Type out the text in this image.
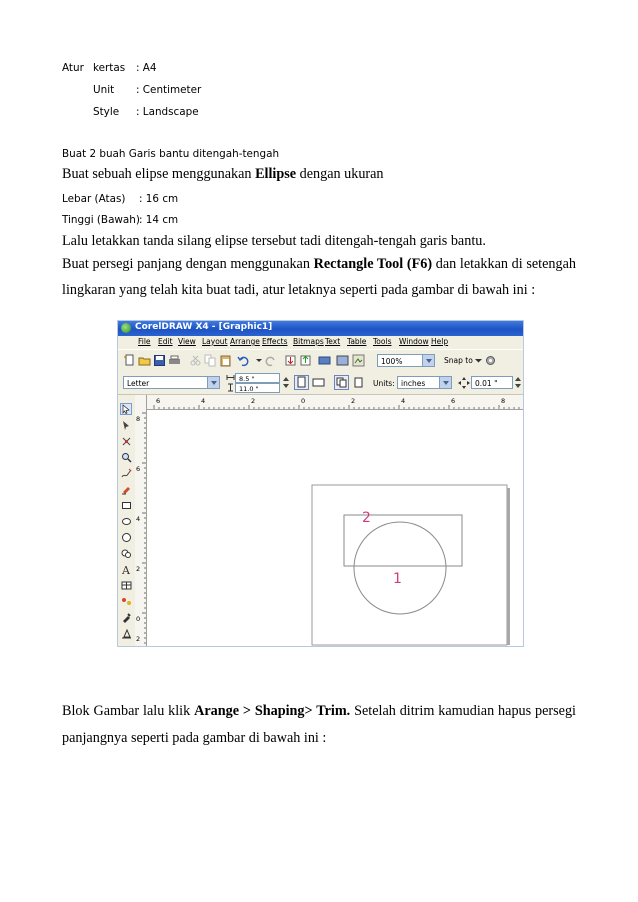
Atur kertas : A4
Unit : Centimeter
Style : Landscape
Buat 2 buah Garis bantu ditengah-tengah
Buat sebuah elipse menggunakan Ellipse dengan ukuran
Lebar (Atas) : 16 cm
Tinggi (Bawah) : 14 cm
Lalu letakkan tanda silang elipse tersebut tadi ditengah-tengah garis bantu.
Buat persegi panjang dengan menggunakan Rectangle Tool (F6) dan letakkan di setengah
lingkaran yang telah kita buat tadi, atur letaknya seperti pada gambar di bawah ini :
CorelDRAW X4 - [Graphic1]
File Edit View Layout Arrange Effects Bitmaps Text Table Tools Window Help
100%	Snap to
Letter	8.5 "
11.0 "
Units: inches	0.01 "
A
6	4	2	0	2	4	6	8
8
6
4
2
0
2
2
1
Blok Gambar lalu klik Arange > Shaping> Trim. Setelah ditrim kamudian hapus persegi
panjangnya seperti pada gambar di bawah ini :
